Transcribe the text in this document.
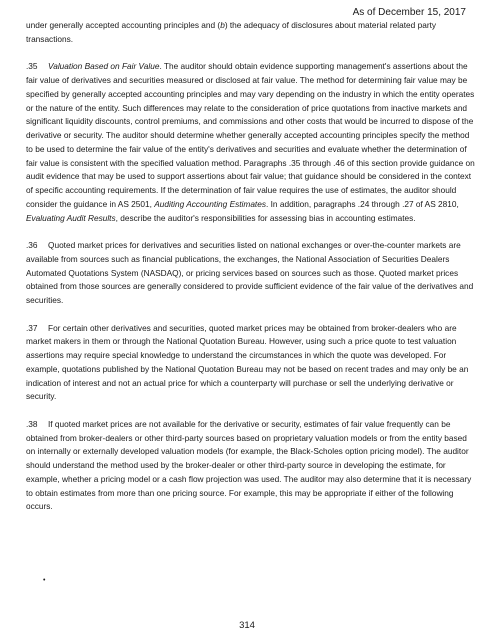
As of December 15, 2017

under generally accepted accounting principles and (b) the adequacy of disclosures about material related party transactions.

.35 Valuation Based on Fair Value. The auditor should obtain evidence supporting management's assertions about the fair value of derivatives and securities measured or disclosed at fair value. The method for determining fair value may be specified by generally accepted accounting principles and may vary depending on the industry in which the entity operates or the nature of the entity. Such differences may relate to the consideration of price quotations from inactive markets and significant liquidity discounts, control premiums, and commissions and other costs that would be incurred to dispose of the derivative or security. The auditor should determine whether generally accepted accounting principles specify the method to be used to determine the fair value of the entity's derivatives and securities and evaluate whether the determination of fair value is consistent with the specified valuation method. Paragraphs .35 through .46 of this section provide guidance on audit evidence that may be used to support assertions about fair value; that guidance should be considered in the context of specific accounting requirements. If the determination of fair value requires the use of estimates, the auditor should consider the guidance in AS 2501, Auditing Accounting Estimates. In addition, paragraphs .24 through .27 of AS 2810, Evaluating Audit Results, describe the auditor's responsibilities for assessing bias in accounting estimates.

.36 Quoted market prices for derivatives and securities listed on national exchanges or over-the-counter markets are available from sources such as financial publications, the exchanges, the National Association of Securities Dealers Automated Quotations System (NASDAQ), or pricing services based on sources such as those. Quoted market prices obtained from those sources are generally considered to provide sufficient evidence of the fair value of the derivatives and securities.

.37 For certain other derivatives and securities, quoted market prices may be obtained from broker-dealers who are market makers in them or through the National Quotation Bureau. However, using such a price quote to test valuation assertions may require special knowledge to understand the circumstances in which the quote was developed. For example, quotations published by the National Quotation Bureau may not be based on recent trades and may only be an indication of interest and not an actual price for which a counterparty will purchase or sell the underlying derivative or security.

.38 If quoted market prices are not available for the derivative or security, estimates of fair value frequently can be obtained from broker-dealers or other third-party sources based on proprietary valuation models or from the entity based on internally or externally developed valuation models (for example, the Black-Scholes option pricing model). The auditor should understand the method used by the broker-dealer or other third-party source in developing the estimate, for example, whether a pricing model or a cash flow projection was used. The auditor may also determine that it is necessary to obtain estimates from more than one pricing source. For example, this may be appropriate if either of the following occurs.

•
314
